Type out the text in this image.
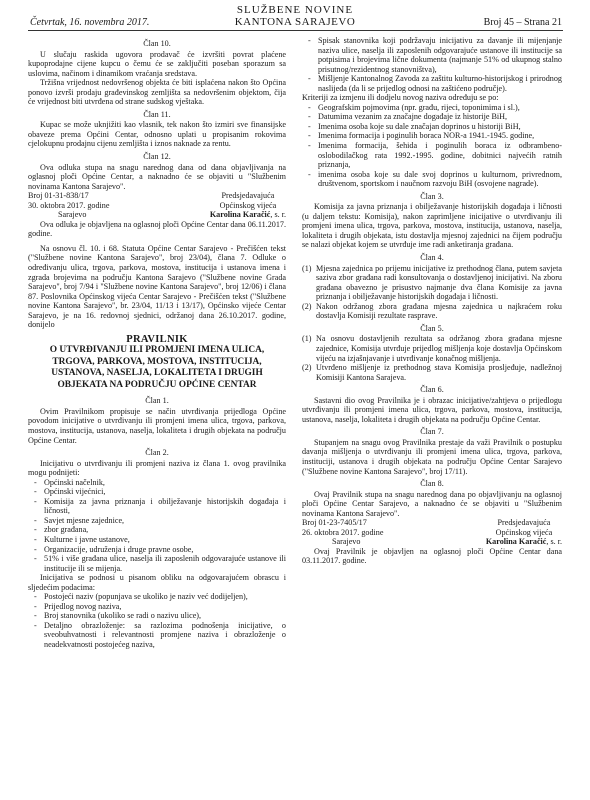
SLUŽBENE NOVINE
KANTONA SARAJEVO
Četvrtak, 16. novembra 2017.	Broj 45 – Strana 21

Član 10.

U slučaju raskida ugovora prodavač će izvršiti povrat plaćene kupoprodajne cijene kupcu o čemu će se zaključiti poseban sporazum sa uslovima, načinom i dinamikom vraćanja sredstava.

Tržišna vrijednost nedovršenog objekta će biti isplaćena nakon što Općina ponovo izvrši prodaju građevinskog zemljišta sa nedovršenim objektom, čija će vrijednost biti utvrđena od strane sudskog vještaka.

Član 11.

Kupac se može uknjižiti kao vlasnik, tek nakon što izmiri sve finansijske obaveze prema Općini Centar, odnosno uplati u propisanim rokovima cjelokupnu prodajnu cijenu zemljišta i iznos naknade za rentu.

Član 12.

Ova odluka stupa na snagu narednog dana od dana objavljivanja na oglasnoj ploči Općine Centar, a naknadno će se objaviti u "Službenim novinama Kantona Sarajevo".

Broj 01-31-838/17
30. oktobra 2017. godine
Sarajevo
Predsjedavajuća
Općinskog vijeća
Karolina Karačić, s. r.

Ova odluka je objavljena na oglasnoj ploči Općine Centar dana 06.11.2017. godine.

Na osnovu čl. 10. i 68. Statuta Općine Centar Sarajevo - Prečišćen tekst ("Službene novine Kantona Sarajevo", broj 23/04), člana 7. Odluke o određivanju ulica, trgova, parkova, mostova, institucija i ustanova imena i zgrada brojevima na području Kantona Sarajevo ("Službene novine Grada Sarajevo", broj 7/94 i "Službene novine Kantona Sarajevo", broj 12/06) i člana 87. Poslovnika Općinskog vijeća Centar Sarajevo - Prečišćen tekst ("Službene novine Kantona Sarajevo", br. 23/04, 11/13 i 13/17), Općinsko vijeće Centar Sarajevo, je na 16. redovnoj sjednici, održanoj dana 26.10.2017. godine, donijelo

PRAVILNIK
O UTVRĐIVANJU ILI PROMJENI IMENA ULICA,
TRGOVA, PARKOVA, MOSTOVA, INSTITUCIJA,
USTANOVA, NASELJA, LOKALITETA I DRUGIH
OBJEKATA NA PODRUČJU OPĆINE CENTAR

Član 1.

Ovim Pravilnikom propisuje se način utvrđivanja prijedloga Općine povodom inicijative o utvrđivanju ili promjeni imena ulica, trgova, parkova, mostova, institucija, ustanova, naselja, lokaliteta i drugih objekata na području Općine Centar.

Član 2.

Inicijativu o utvrđivanju ili promjeni naziva iz člana 1. ovog pravilnika mogu podnijeti:

- Općinski načelnik,
- Općinski vijećnici,
- Komisija za javna priznanja i obilježavanje historijskih događaja i ličnosti,
- Savjet mjesne zajednice,
- zbor građana,
- Kulturne i javne ustanove,
- Organizacije, udruženja i druge pravne osobe,
- 51% i više građana ulice, naselja ili zaposlenih odgovarajuće ustanove ili institucije ili se mijenja.

Inicijativa se podnosi u pisanom obliku na odgovarajućem obrascu i sljedećim podacima:

- Postojeći naziv (popunjava se ukoliko je naziv već dodijeljen),
- Prijedlog novog naziva,
- Broj stanovnika (ukoliko se radi o nazivu ulice),
- Detaljno obrazloženje: sa razlozima podnošenja inicijative, o sveobuhvatnosti i relevantnosti promjene naziva i obrazloženje o neadekvatnosti postojećeg naziva,
- Spisak stanovnika koji podržavaju inicijativu za davanje ili mijenjanje naziva ulice, naselja ili zaposlenih odgovarajuće ustanove ili institucije sa potpisima i brojevima lične dokumenta (najmanje 51% od ukupnog stalno prisutnog/rezidentnog stanovništva),
- Mišljenje Kantonalnog Zavoda za zaštitu kulturno-historijskog i prirodnog naslijeđa (da li se prijedlog odnosi na zaštićeno područje).

Kriteriji za izmjenu ili dodjelu novog naziva određuju se po:

- Geografskim pojmovima (npr. građu, rijeci, toponimima i sl.),
- Datumima vezanim za značajne događaje iz historije BiH,
- Imenima osoba koje su dale značajan doprinos u historiji BiH,
- Imenima formacija i poginulih boraca NOR-a 1941.-1945. godine,
- Imenima formacija, šehida i poginulih boraca iz odbrambeno-oslobodilačkog rata 1992.-1995. godine, dobitnici najvećih ratnih priznanja,
- imenima osoba koje su dale svoj doprinos u kulturnom, privrednom, društvenom, sportskom i naučnom razvoju BiH (osvojene nagrade).

Član 3.

Komisija za javna priznanja i obilježavanje historijskih događaja i ličnosti (u daljem tekstu: Komisija), nakon zaprimljene inicijative o utvrđivanju ili promjeni imena ulica, trgova, parkova, mostova, institucija, ustanova, naselja, lokaliteta i drugih objekata, istu dostavlja mjesnoj zajednici na čijem području se nalazi objekat kojem se utvrđuje ime radi anketiranja građana.

Član 4.

(1) Mjesna zajednica po prijemu inicijative iz prethodnog člana, putem savjeta saziva zbor građana radi konsultovanja o dostavljenoj inicijativi. Na zboru građana obavezno je prisustvo najmanje dva člana Komisije za javna priznanja i obilježavanje historijskih događaja i ličnosti.
(2) Nakon održanog zbora građana mjesna zajednica u najkraćem roku dostavlja Komisiji rezultate rasprave.

Član 5.

(1) Na osnovu dostavljenih rezultata sa održanog zbora građana mjesne zajednice, Komisija utvrđuje prijedlog mišljenja koje dostavlja Općinskom vijeću na izjašnjavanje i utvrđivanje konačnog mišljenja.
(2) Utvrđeno mišljenje iz prethodnog stava Komisija prosljeđuje, nadležnoj Komisiji Kantona Sarajeva.

Član 6.

Sastavni dio ovog Pravilnika je i obrazac inicijative/zahtjeva o prijedlogu utvrđivanju ili promjeni imena ulica, trgova, parkova, mostova, institucija, ustanova, naselja, lokaliteta i drugih objekata na području Općine Centar.

Član 7.

Stupanjem na snagu ovog Pravilnika prestaje da važi Pravilnik o postupku davanja mišljenja o utvrđivanju ili promjeni imena ulica, trgova, parkova, instituciji, ustanova i drugih objekata na području Općine Centar Sarajevo ("Službene novine Kantona Sarajevo", broj 17/11).

Član 8.

Ovaj Pravilnik stupa na snagu narednog dana po objavljivanju na oglasnoj ploči Općine Centar Sarajevo, a naknadno će se objaviti u "Službenim novinama Kantona Sarajevo".

Broj 01-23-7405/17
26. oktobra 2017. godine
Sarajevo
Predsjedavajuća
Općinskog vijeća
Karolina Karačić, s. r.

Ovaj Pravilnik je objavljen na oglasnoj ploči Općine Centar dana 03.11.2017. godine.
